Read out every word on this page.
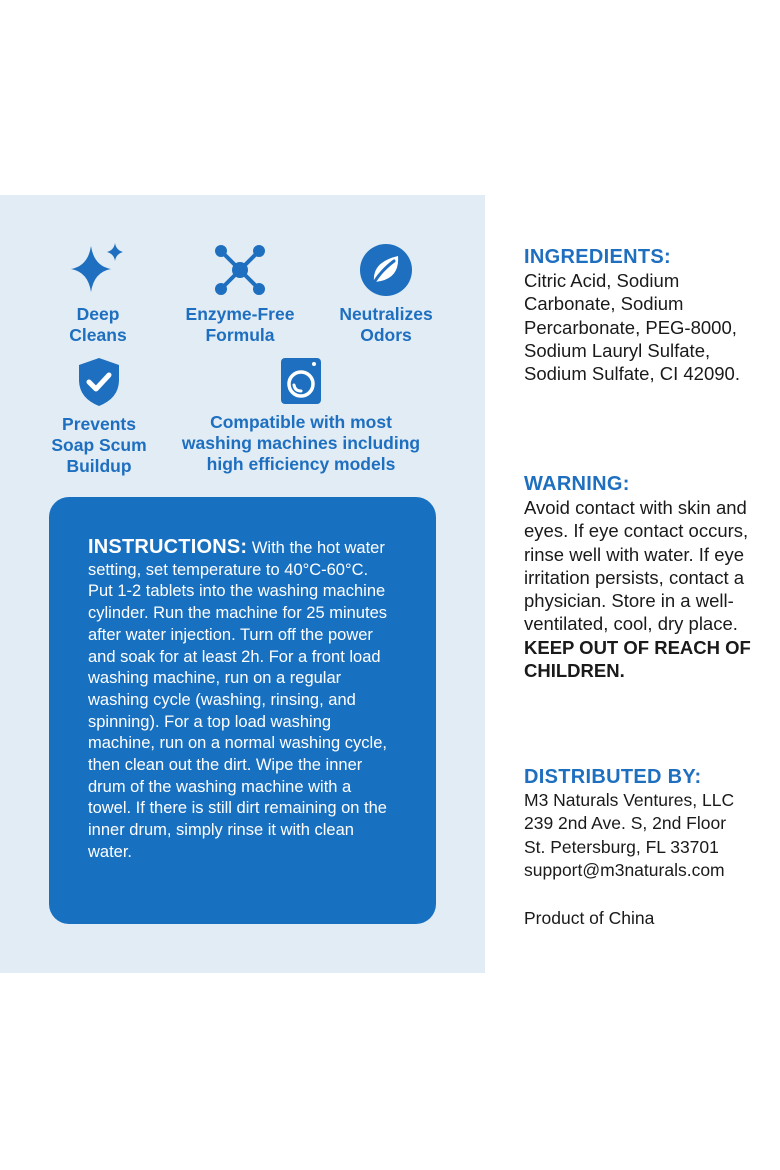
Deep
Cleans
Enzyme-Free
Formula
Neutralizes
Odors
Prevents
Soap Scum
Buildup
Compatible with most
washing machines including
high efficiency models
INSTRUCTIONS: With the hot water setting, set temperature to 40°C-60°C. Put 1-2 tablets into the washing machine cylinder. Run the machine for 25 minutes after water injection. Turn off the power and soak for at least 2h. For a front load washing machine, run on a regular washing cycle (washing, rinsing, and spinning). For a top load washing machine, run on a normal washing cycle, then clean out the dirt. Wipe the inner drum of the washing machine with a towel. If there is still dirt remaining on the inner drum, simply rinse it with clean water.
INGREDIENTS:
Citric Acid, Sodium Carbonate, Sodium Percarbonate, PEG-8000, Sodium Lauryl Sulfate, Sodium Sulfate, CI 42090.
WARNING:
Avoid contact with skin and eyes. If eye contact occurs, rinse well with water. If eye irritation persists, contact a physician. Store in a well-ventilated, cool, dry place. KEEP OUT OF REACH OF CHILDREN.
DISTRIBUTED BY:
M3 Naturals Ventures, LLC
239 2nd Ave. S, 2nd Floor
St. Petersburg, FL 33701
support@m3naturals.com
Product of China
